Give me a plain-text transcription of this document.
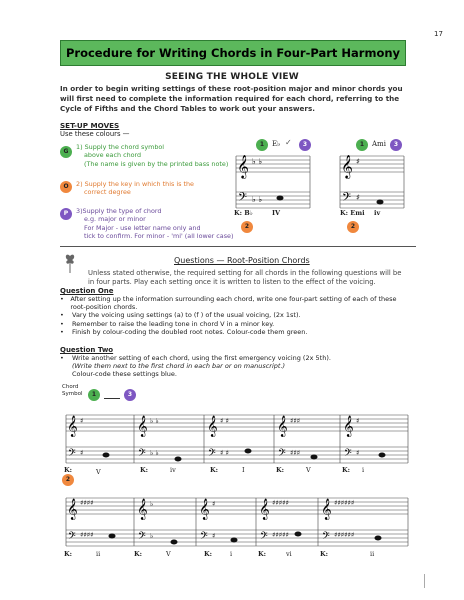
17
Procedure for Writing Chords in Four-Part Harmony
SEEING THE WHOLE VIEW
In order to begin writing settings of these root-position major and minor chords you will first need to complete the information required for each chord, referring to the Cycle of Fifths and the Chord Tables to work out your answers.
SET-UP MOVES
Use these colours —
G
1) Supply the chord symbol
above each chord
(The name is given by the printed bass note)
O	2) Supply the key in which this is the
correct degree
P	3)Supply the type of chord
e.g. major or minor
For Major - use letter name only and
tick to confirm. For minor - 'mi' (all lower case)
𝄞
𝄢
♭ ♭
♭ ♭
𝄞
𝄢
♯
♯
1	E♭ ✓	3
K: B♭	IV
2
1	Ami	3
K: Emi iv
2
Questions — Root-Position Chords
Unless stated otherwise, the required setting for all chords in the following questions will be in four parts. Play each setting once it is written to listen to the effect of the voicing.
Question One
• After setting up the information surrounding each chord, write one four-part setting of each of these root-position chords.
•	Vary the voicing using settings (a) to (f ) of the usual voicing, (2x 1st).
•	Remember to raise the leading tone in chord V in a minor key.
•	Finish by colour-coding the doubled root notes. Colour-code them green.
Question Two
•	Write another setting of each chord, using the first emergency voicing (2x 5th).
(Write them next to the first chord in each bar or on manuscript.)
Colour-code these settings blue.
Chord
Symbol	1	3
𝄞
𝄢
♯
♯
𝄞
𝄢
♭ ♭
♭ ♭
𝄞
𝄢
♯ ♯
♯ ♯
𝄞
𝄢
♯♯♯
♯♯♯
𝄞
𝄢
♯
♯
K:	V	K:	iv	K:	I	K:	V	K: i
2
𝄞
𝄢
♯♯♯♯
♯♯♯♯
𝄞
𝄢
♭
♭
𝄞
𝄢
♯
♯
𝄞
𝄢
♯♯♯♯♯
♯♯♯♯♯
𝄞
𝄢
♯♯♯♯♯♯
♯♯♯♯♯♯
K:	ii	K:	V	K:	i	K:	vi	K:	ii
